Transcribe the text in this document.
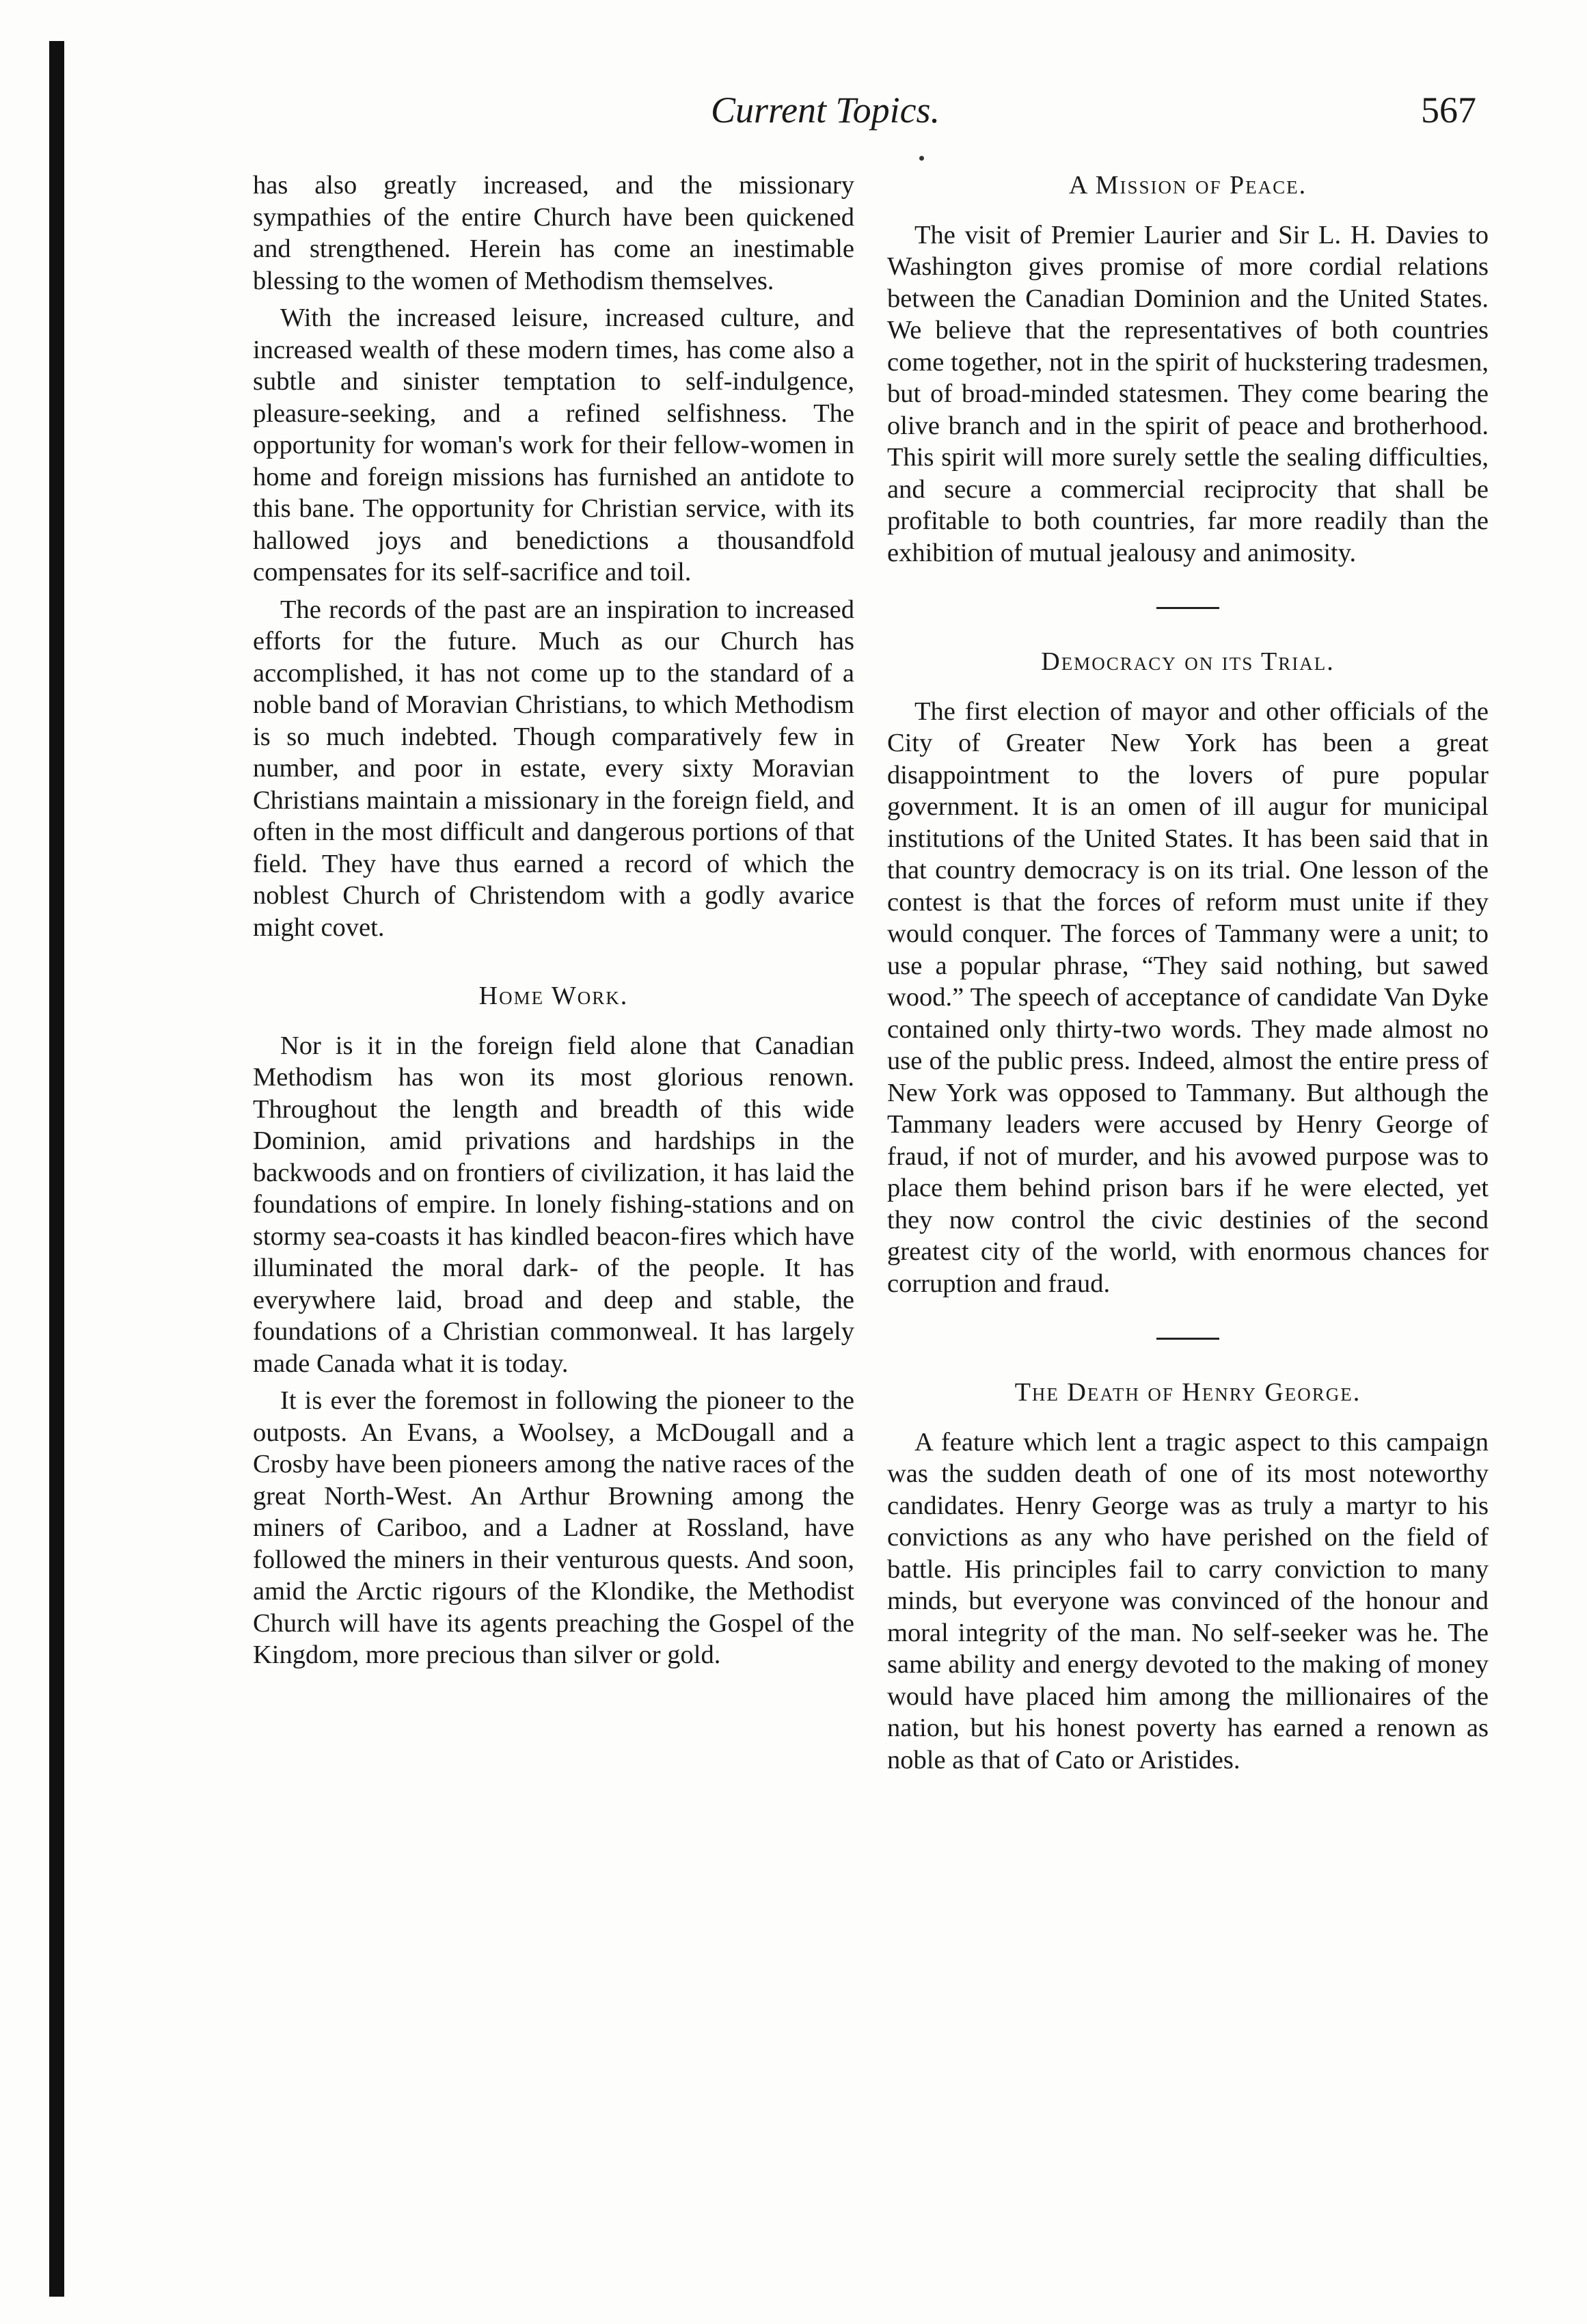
Current Topics.	567

has also greatly increased, and the missionary sympathies of the entire Church have been quickened and strengthened. Herein has come an inestimable blessing to the women of Methodism themselves.

With the increased leisure, increased culture, and increased wealth of these modern times, has come also a subtle and sinister temptation to self-indulgence, pleasure-seeking, and a refined selfishness. The opportunity for woman's work for their fellow-women in home and foreign missions has furnished an antidote to this bane. The opportunity for Christian service, with its hallowed joys and benedictions a thousandfold compensates for its self-sacrifice and toil.

The records of the past are an inspiration to increased efforts for the future. Much as our Church has accomplished, it has not come up to the standard of a noble band of Moravian Christians, to which Methodism is so much indebted. Though comparatively few in number, and poor in estate, every sixty Moravian Christians maintain a missionary in the foreign field, and often in the most difficult and dangerous portions of that field. They have thus earned a record of which the noblest Church of Christendom with a godly avarice might covet.

Home Work.

Nor is it in the foreign field alone that Canadian Methodism has won its most glorious renown. Throughout the length and breadth of this wide Dominion, amid privations and hardships in the backwoods and on frontiers of civilization, it has laid the foundations of empire. In lonely fishing-stations and on stormy sea-coasts it has kindled beacon-fires which have illuminated the moral dark- of the people. It has everywhere laid, broad and deep and stable, the foundations of a Christian commonweal. It has largely made Canada what it is today.

It is ever the foremost in following the pioneer to the outposts. An Evans, a Woolsey, a McDougall and a Crosby have been pioneers among the native races of the great North-West. An Arthur Browning among the miners of Cariboo, and a Ladner at Rossland, have followed the miners in their venturous quests. And soon, amid the Arctic rigours of the Klondike, the Methodist Church will have its agents preaching the Gospel of the Kingdom, more precious than silver or gold.

A Mission of Peace.

The visit of Premier Laurier and Sir L. H. Davies to Washington gives promise of more cordial relations between the Canadian Dominion and the United States. We believe that the representatives of both countries come together, not in the spirit of huckstering tradesmen, but of broad-minded statesmen. They come bearing the olive branch and in the spirit of peace and brotherhood. This spirit will more surely settle the sealing difficulties, and secure a commercial reciprocity that shall be profitable to both countries, far more readily than the exhibition of mutual jealousy and animosity.

Democracy on its Trial.

The first election of mayor and other officials of the City of Greater New York has been a great disappointment to the lovers of pure popular government. It is an omen of ill augur for municipal institutions of the United States. It has been said that in that country democracy is on its trial. One lesson of the contest is that the forces of reform must unite if they would conquer. The forces of Tammany were a unit; to use a popular phrase, “They said nothing, but sawed wood.” The speech of acceptance of candidate Van Dyke contained only thirty-two words. They made almost no use of the public press. Indeed, almost the entire press of New York was opposed to Tammany. But although the Tammany leaders were accused by Henry George of fraud, if not of murder, and his avowed purpose was to place them behind prison bars if he were elected, yet they now control the civic destinies of the second greatest city of the world, with enormous chances for corruption and fraud.

The Death of Henry George.

A feature which lent a tragic aspect to this campaign was the sudden death of one of its most noteworthy candidates. Henry George was as truly a martyr to his convictions as any who have perished on the field of battle. His principles fail to carry conviction to many minds, but everyone was convinced of the honour and moral integrity of the man. No self-seeker was he. The same ability and energy devoted to the making of money would have placed him among the millionaires of the nation, but his honest poverty has earned a renown as noble as that of Cato or Aristides.
